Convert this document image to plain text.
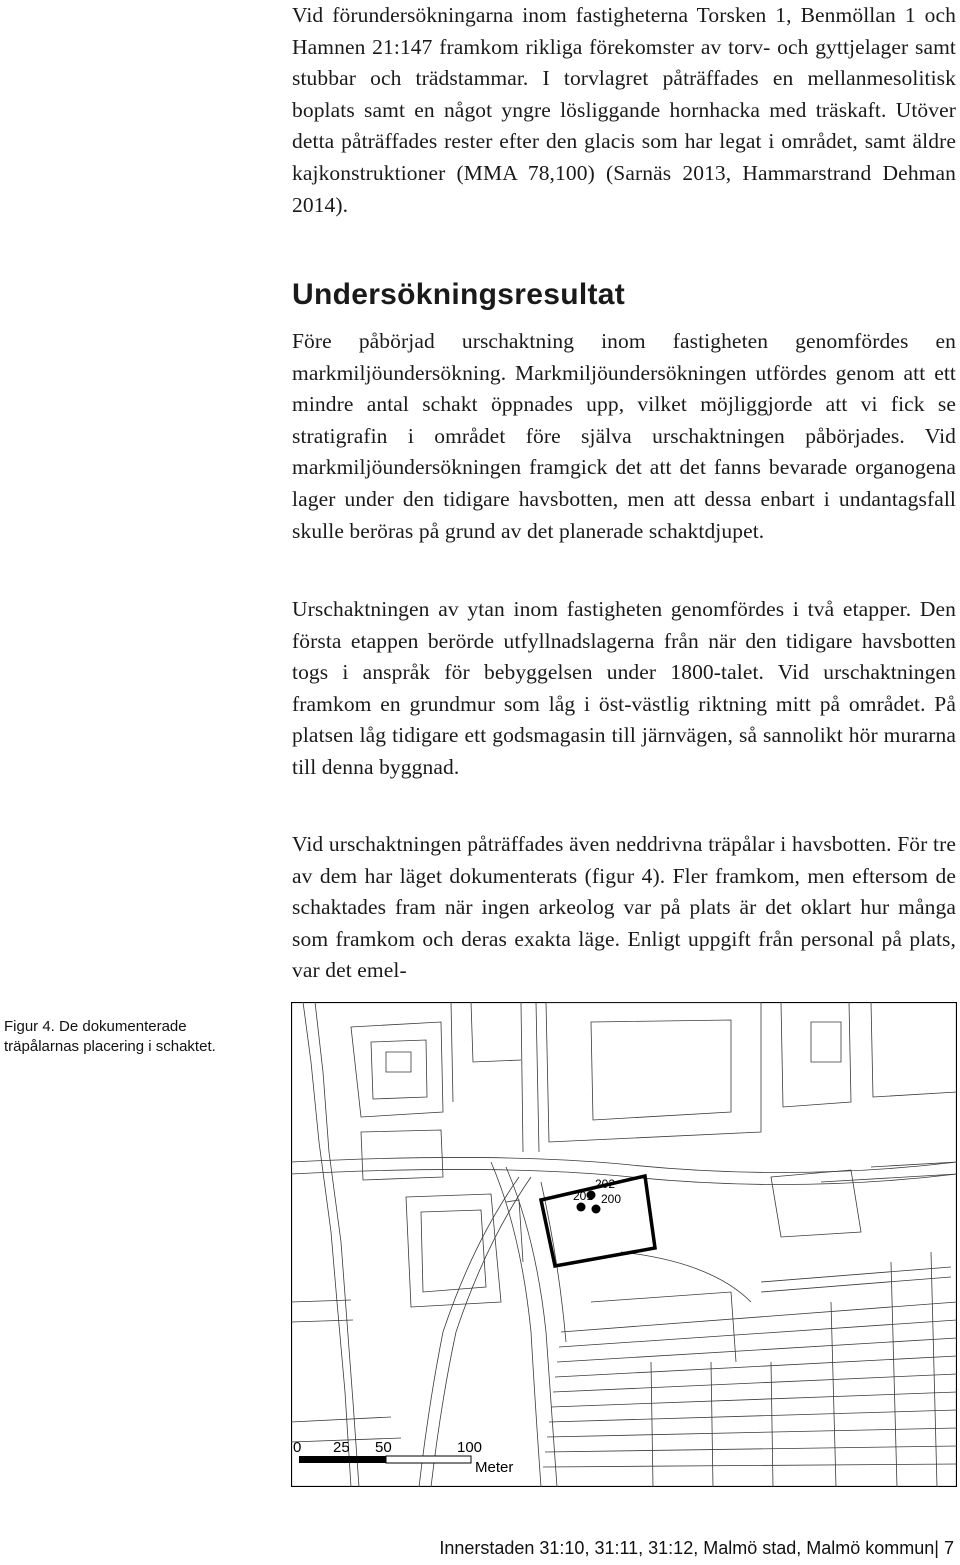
Vid förundersökningarna inom fastigheterna Torsken 1, Benmöllan 1 och Hamnen 21:147 framkom rikliga förekomster av torv- och gyttjelager samt stubbar och trädstammar. I torvlagret påträffades en mellanmesolitisk boplats samt en något yngre lösliggande hornhacka med träskaft. Utöver detta påträffades rester efter den glacis som har legat i området, samt äldre kajkonstruktioner (MMA 78,100) (Sarnäs 2013, Hammarstrand Dehman 2014).

Undersökningsresultat

Före påbörjad urschaktning inom fastigheten genomfördes en markmiljöundersökning. Markmiljöundersökningen utfördes genom att ett mindre antal schakt öppnades upp, vilket möjliggjorde att vi fick se stratigrafin i området före själva urschaktningen påbörjades. Vid markmiljöundersökningen framgick det att det fanns bevarade organogena lager under den tidigare havsbotten, men att dessa enbart i undantagsfall skulle beröras på grund av det planerade schaktdjupet.

Urschaktningen av ytan inom fastigheten genomfördes i två etapper. Den första etappen berörde utfyllnadslagerna från när den tidigare havsbotten togs i anspråk för bebyggelsen under 1800-talet. Vid urschaktningen framkom en grundmur som låg i öst-västlig riktning mitt på området. På platsen låg tidigare ett godsmagasin till järnvägen, så sannolikt hör murarna till denna byggnad.

Vid urschaktningen påträffades även neddrivna träpålar i havsbotten. För tre av dem har läget dokumenterats (figur 4). Fler framkom, men eftersom de schaktades fram när ingen arkeolog var på plats är det oklart hur många som framkom och deras exakta läge. Enligt uppgift från personal på plats, var det emel-

Figur 4. De dokumenterade träpålarnas placering i schaktet.
201
202
200
0 25 50	100
Meter
Innerstaden 31:10, 31:11, 31:12, Malmö stad, Malmö kommun| 7
